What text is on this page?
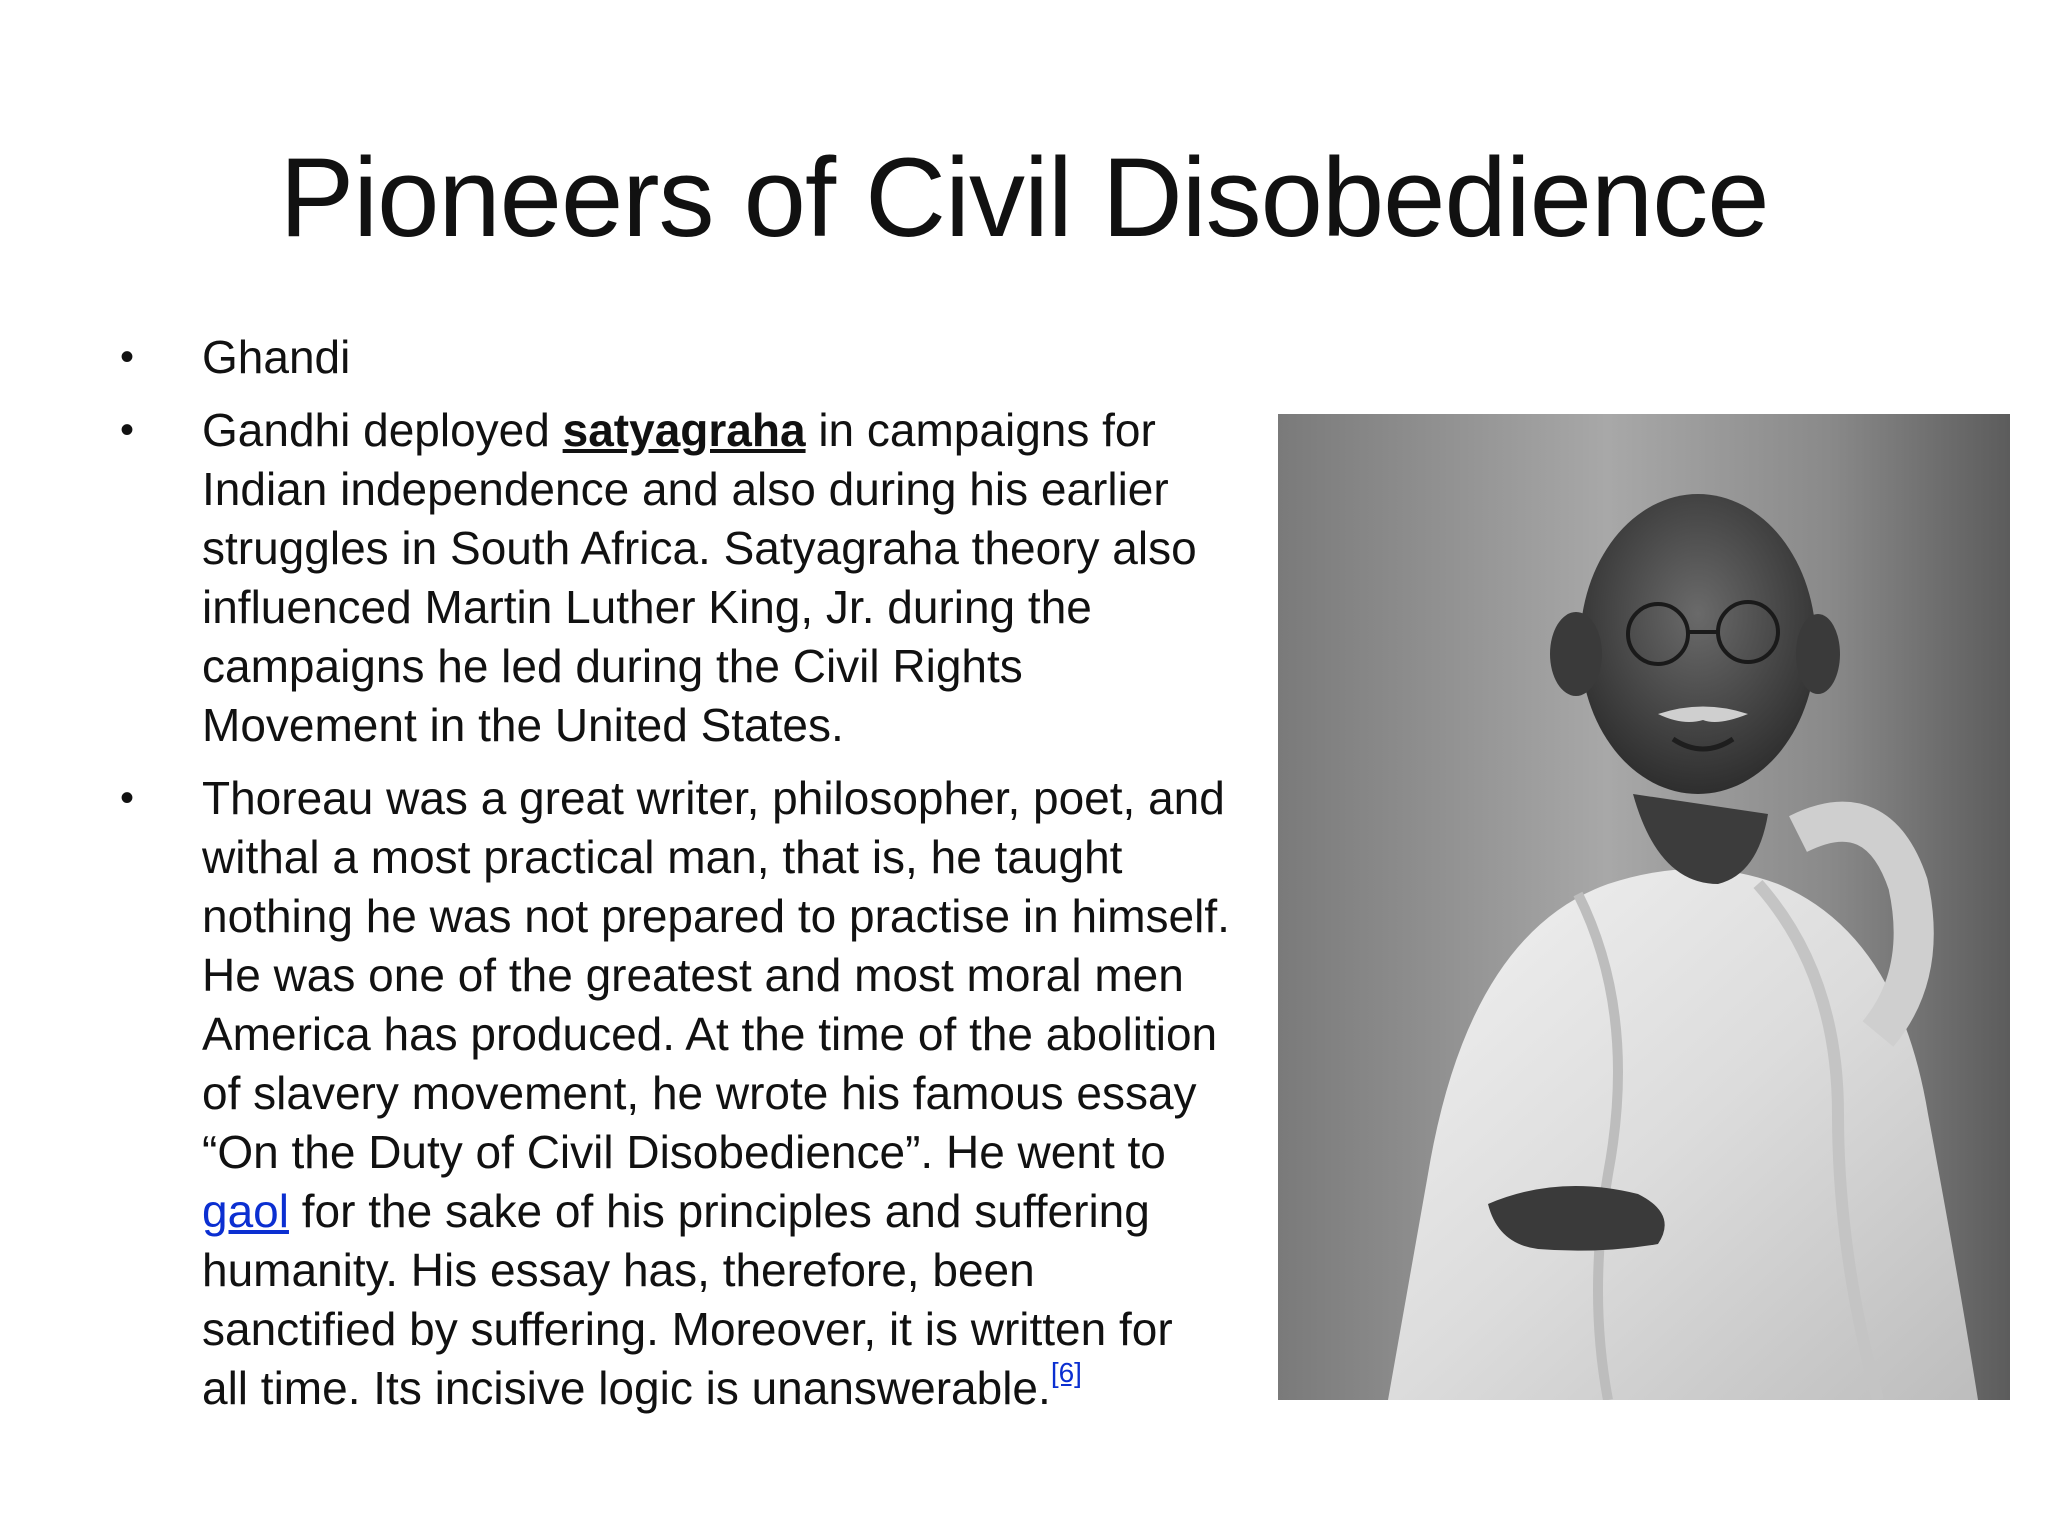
Pioneers of Civil Disobedience
• Ghandi
• Gandhi deployed satyagraha in campaigns for Indian independence and also during his earlier struggles in South Africa. Satyagraha theory also influenced Martin Luther King, Jr. during the campaigns he led during the Civil Rights Movement in the United States.
• Thoreau was a great writer, philosopher, poet, and withal a most practical man, that is, he taught nothing he was not prepared to practise in himself. He was one of the greatest and most moral men America has produced. At the time of the abolition of slavery movement, he wrote his famous essay “On the Duty of Civil Disobedience”. He went to gaol for the sake of his principles and suffering humanity. His essay has, therefore, been sanctified by suffering. Moreover, it is written for all time. Its incisive logic is unanswerable.[6]
